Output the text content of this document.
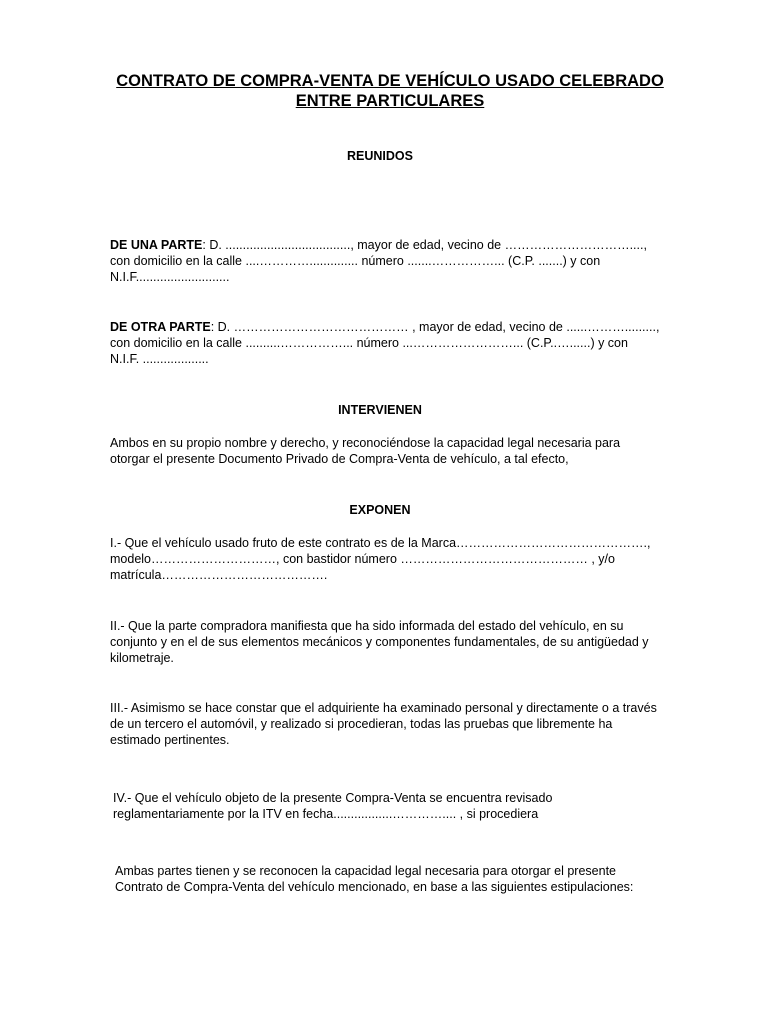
CONTRATO DE COMPRA-VENTA DE VEHÍCULO USADO CELEBRADO
ENTRE PARTICULARES
REUNIDOS
DE UNA PARTE: D. ...................................., mayor de edad, vecino de …………………………....,
con domicilio en la calle ....………….............. número .......……………... (C.P. .......) y con
N.I.F...........................
DE OTRA PARTE: D. …………………………………… , mayor de edad, vecino de ......……….........,
con domicilio en la calle ..........……………... número ...……………………... (C.P..…......) y con
N.I.F. ...................
INTERVIENEN
Ambos en su propio nombre y derecho, y reconociéndose la capacidad legal necesaria para
otorgar el presente Documento Privado de Compra-Venta de vehículo, a tal efecto,
EXPONEN
I.- Que el vehículo usado fruto de este contrato es de la Marca……………………………………….,
modelo…………………………, con bastidor número ……………………………………… , y/o
matrícula………………………………….
II.- Que la parte compradora manifiesta que ha sido informada del estado del vehículo, en su
conjunto y en el de sus elementos mecánicos y componentes fundamentales, de su antigüedad y
kilometraje.
III.- Asimismo se hace constar que el adquiriente ha examinado personal y directamente o a través
de un tercero el automóvil, y realizado si procedieran, todas las pruebas que libremente ha
estimado pertinentes.
IV.- Que el vehículo objeto de la presente Compra-Venta se encuentra revisado
reglamentariamente por la ITV en fecha.................………….... , si procediera
Ambas partes tienen y se reconocen la capacidad legal necesaria para otorgar el presente
Contrato de Compra-Venta del vehículo mencionado, en base a las siguientes estipulaciones:
